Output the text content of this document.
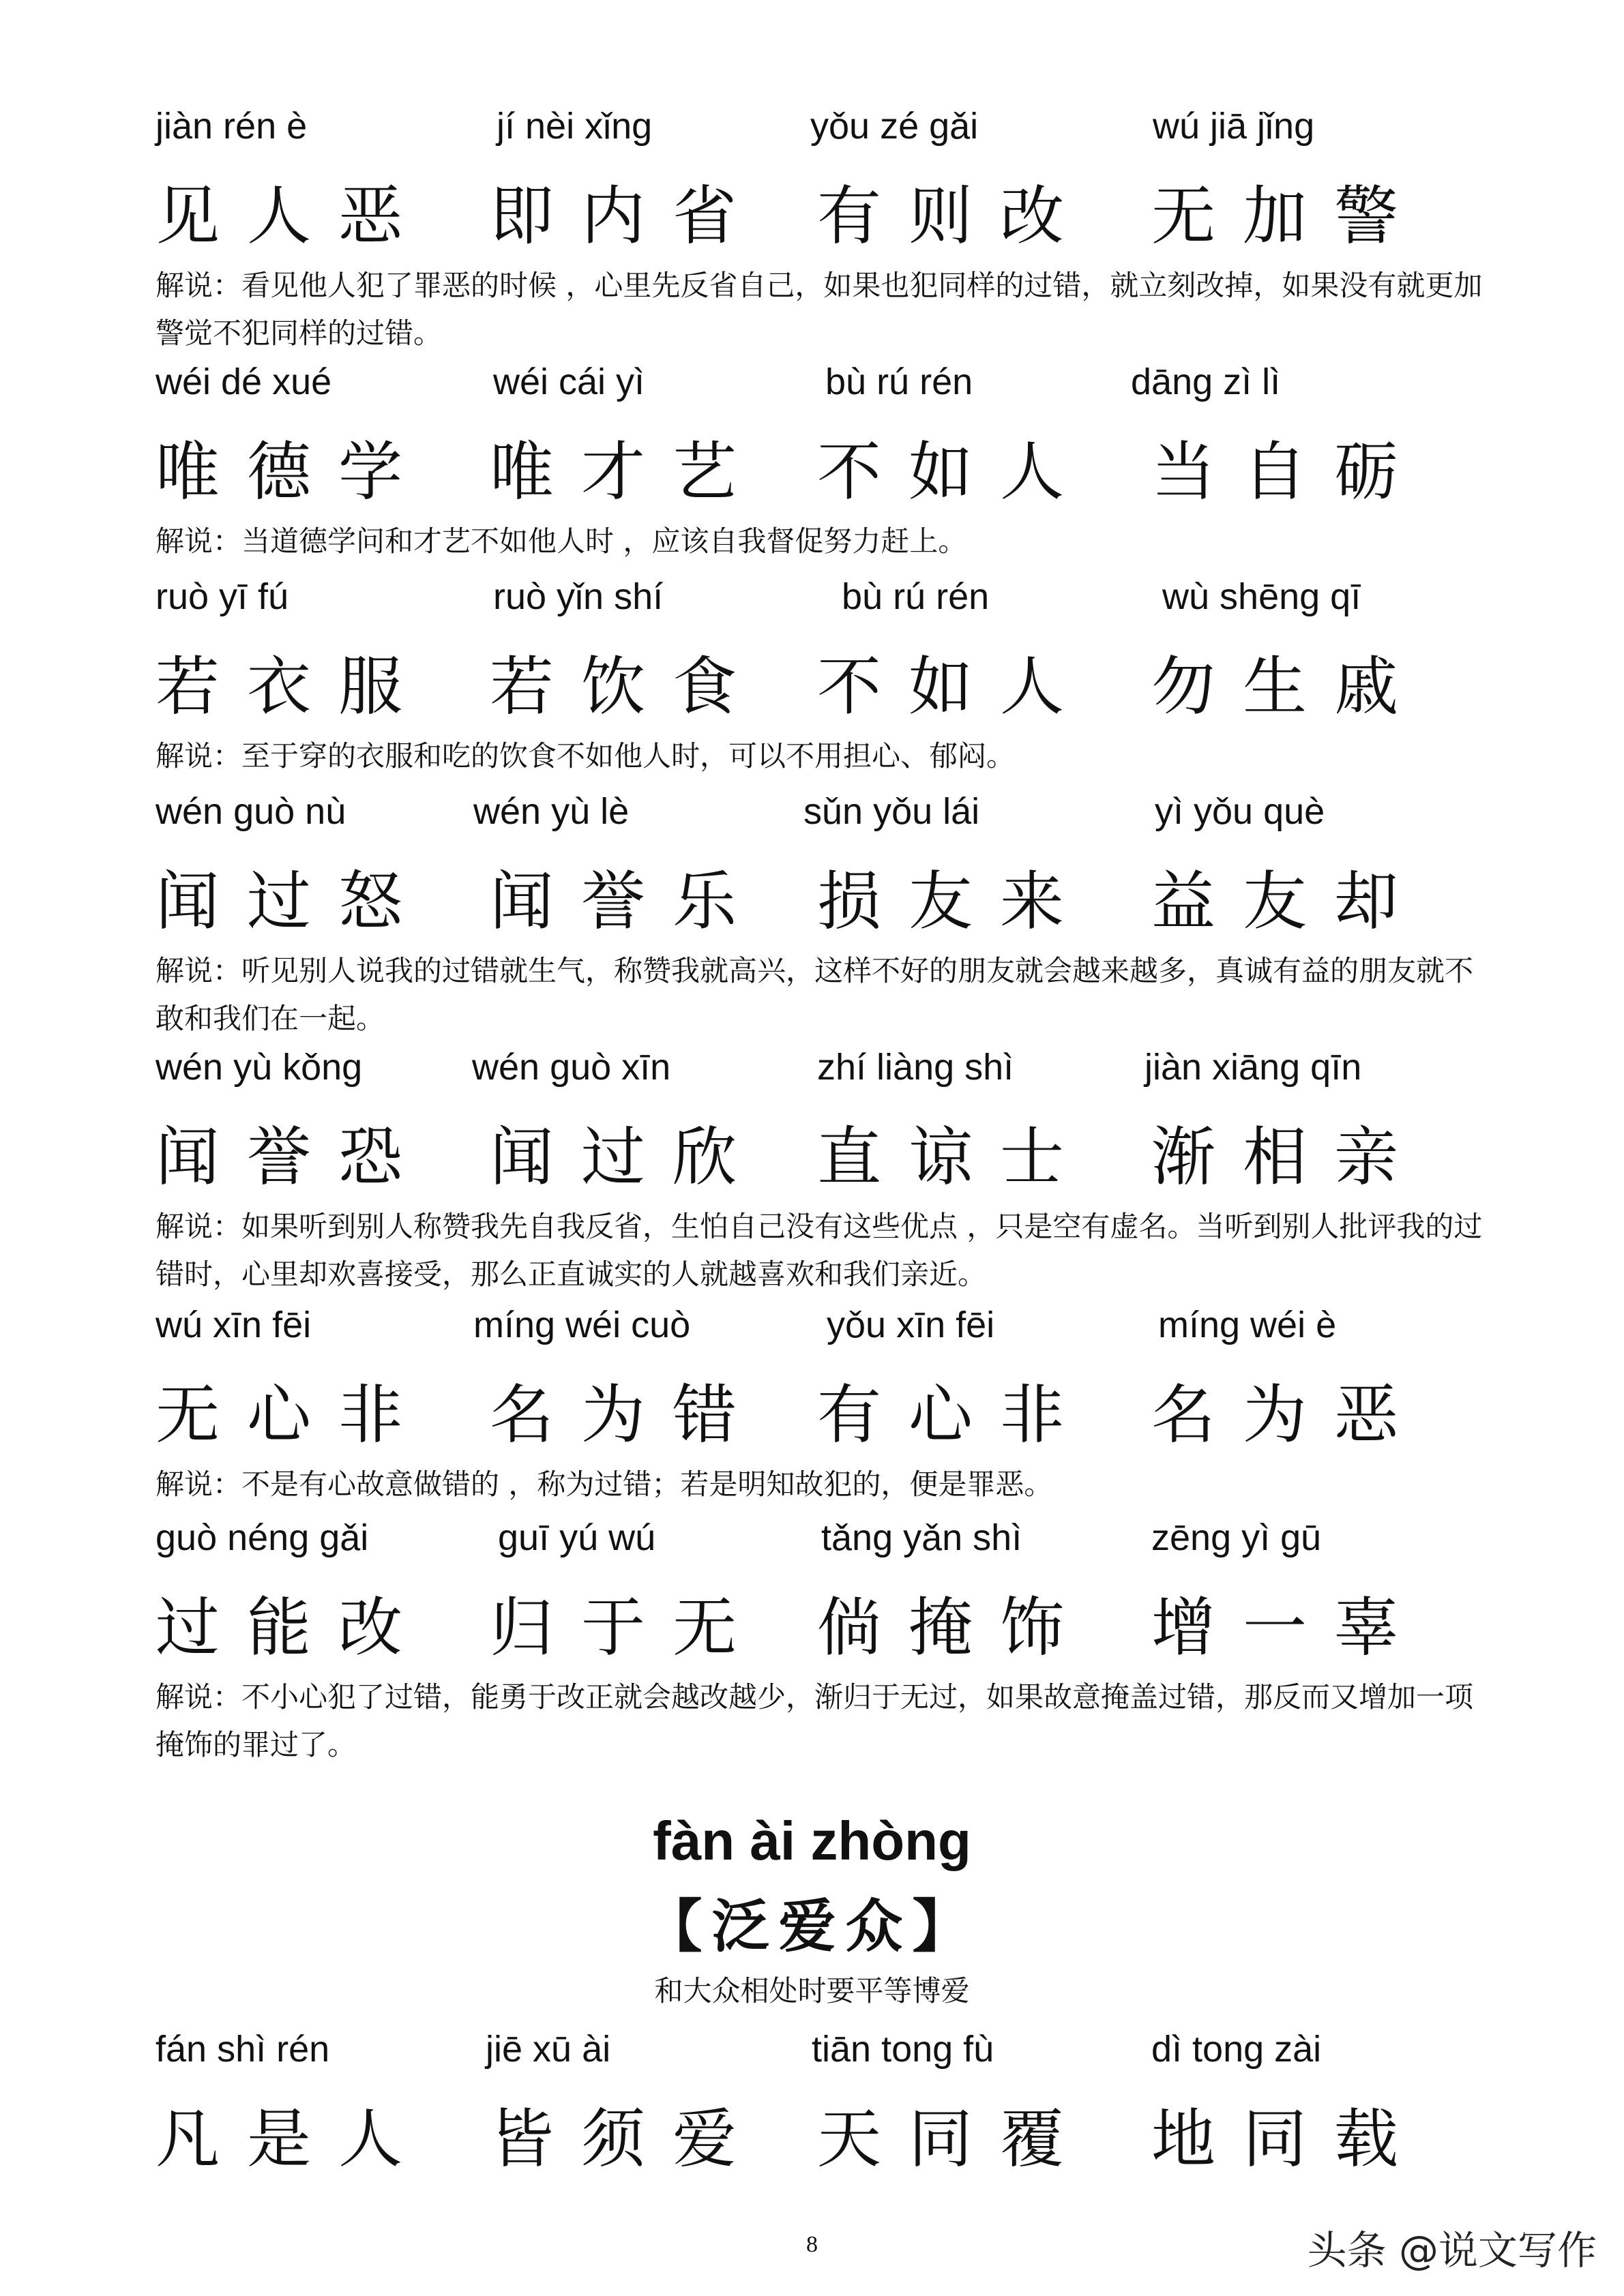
jiàn rén è	jí nèi xǐng	yǒu zé gǎi	wú jiā jǐng
见人恶 即内省 有则改 无加警
解说：看见他人犯了罪恶的时候 ，心里先反省自己，如果也犯同样的过错，就立刻改掉，如果没有就更加警觉不犯同样的过错。
wéi dé xué	wéi cái yì	bù rú rén	dāng zì lì
唯德学 唯才艺 不如人 当自砺
解说：当道德学问和才艺不如他人时 ，应该自我督促努力赶上。
ruò yī fú	ruò yǐn shí	bù rú rén	wù shēng qī
若衣服 若饮食 不如人 勿生戚
解说：至于穿的衣服和吃的饮食不如他人时，可以不用担心、郁闷。
wén guò nù	wén yù lè	sǔn yǒu lái	yì yǒu què
闻过怒 闻誉乐 损友来 益友却
解说：听见别人说我的过错就生气，称赞我就高兴，这样不好的朋友就会越来越多，真诚有益的朋友就不敢和我们在一起。
wén yù kǒng	wén guò xīn	zhí liàng shì	jiàn xiāng qīn
闻誉恐 闻过欣 直谅士 渐相亲
解说：如果听到别人称赞我先自我反省，生怕自己没有这些优点 ，只是空有虚名。当听到别人批评我的过错时，心里却欢喜接受，那么正直诚实的人就越喜欢和我们亲近。
wú xīn fēi	míng wéi cuò	yǒu xīn fēi	míng wéi è
无心非 名为错 有心非 名为恶
解说：不是有心故意做错的 ，称为过错；若是明知故犯的，便是罪恶。
guò néng gǎi	guī yú wú	tǎng yǎn shì	zēng yì gū
过能改 归于无 倘掩饰 增一辜
解说：不小心犯了过错，能勇于改正就会越改越少，渐归于无过，如果故意掩盖过错，那反而又增加一项掩饰的罪过了。
fàn ài zhòng
【泛爱众】
和大众相处时要平等博爱
fán shì rén	jiē xū ài	tiān tong fù	dì tong zài
凡是人 皆须爱 天同覆 地同载
8	头条 @说文写作
